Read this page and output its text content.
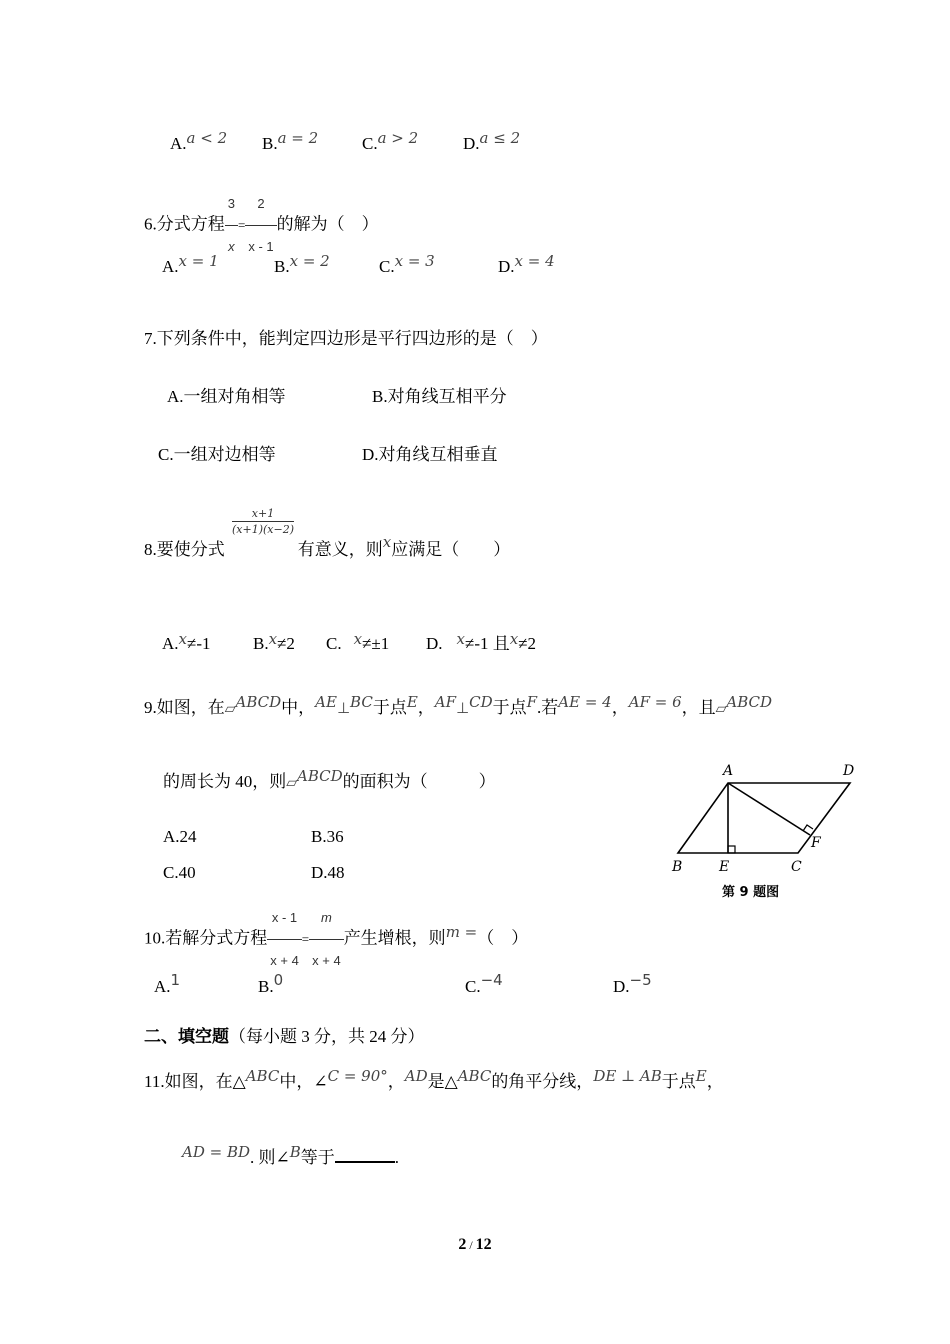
A.a < 2 B.a = 2	C.a > 2	D.a ≤ 2
6.分式方程 $\frac{3}{x} = \frac{2}{x - 1}$ 的解为（　）
A.x = 1	B.x = 2	C.x = 3	D.x = 4
7.下列条件中，能判定四边形是平行四边形的是（　）
A.一组对角相等	B.对角线互相平分
C.一组对边相等	D.对角线互相垂直
$\frac{x+1}{(x+1)(x-2)}$
8.要使分式	有意义，则x应满足（　　）
A.x≠-1	B.x≠2 C. x≠±1 D. x≠-1 且x≠2
9.如图，在▱ABCD中，AE⊥BC于点E，AF⊥CD于点F.若AE = 4，AF = 6，且▱ABCD
的周长为 40，则▱ABCD的面积为（　　　）
A.24	B.36
C.40	D.48
A	D
B	E	C
F
第 9 题图
10.若解分式方程 $\frac{x - 1}{x + 4} = \frac{m}{x + 4}$ 产生增根，则m =（　）
A.1	B.0	C.−4	D.−5
二、填空题（每小题 3 分，共 24 分）
11.如图，在△ABC中，∠C = 90°，AD是△ABC的角平分线，DE ⊥ AB于点E，
AD = BD. 则∠B等于	.
2 / 12
